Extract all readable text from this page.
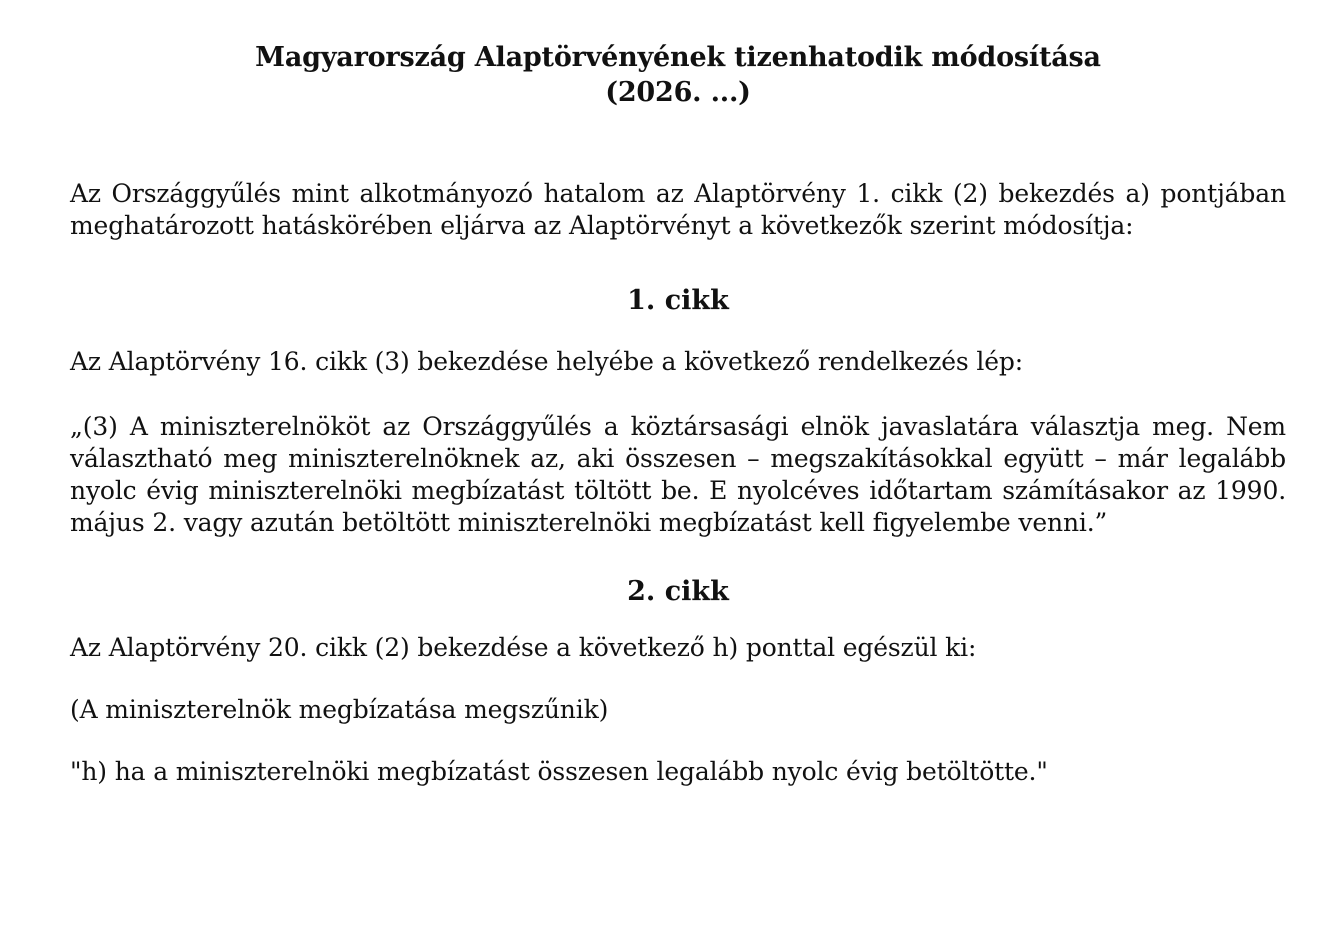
Magyarország Alaptörvényének tizenhatodik módosítása
(2026. ...)

Az Országgyűlés mint alkotmányozó hatalom az Alaptörvény 1. cikk (2) bekezdés a) pontjában meghatározott hatáskörében eljárva az Alaptörvényt a következők szerint módosítja:

1. cikk

Az Alaptörvény 16. cikk (3) bekezdése helyébe a következő rendelkezés lép:

„(3) A miniszterelnököt az Országgyűlés a köztársasági elnök javaslatára választja meg. Nem választható meg miniszterelnöknek az, aki összesen – megszakításokkal együtt – már legalább nyolc évig miniszterelnöki megbízatást töltött be. E nyolcéves időtartam számításakor az 1990. május 2. vagy azután betöltött miniszterelnöki megbízatást kell figyelembe venni.”

2. cikk

Az Alaptörvény 20. cikk (2) bekezdése a következő h) ponttal egészül ki:

(A miniszterelnök megbízatása megszűnik)

"h) ha a miniszterelnöki megbízatást összesen legalább nyolc évig betöltötte."
